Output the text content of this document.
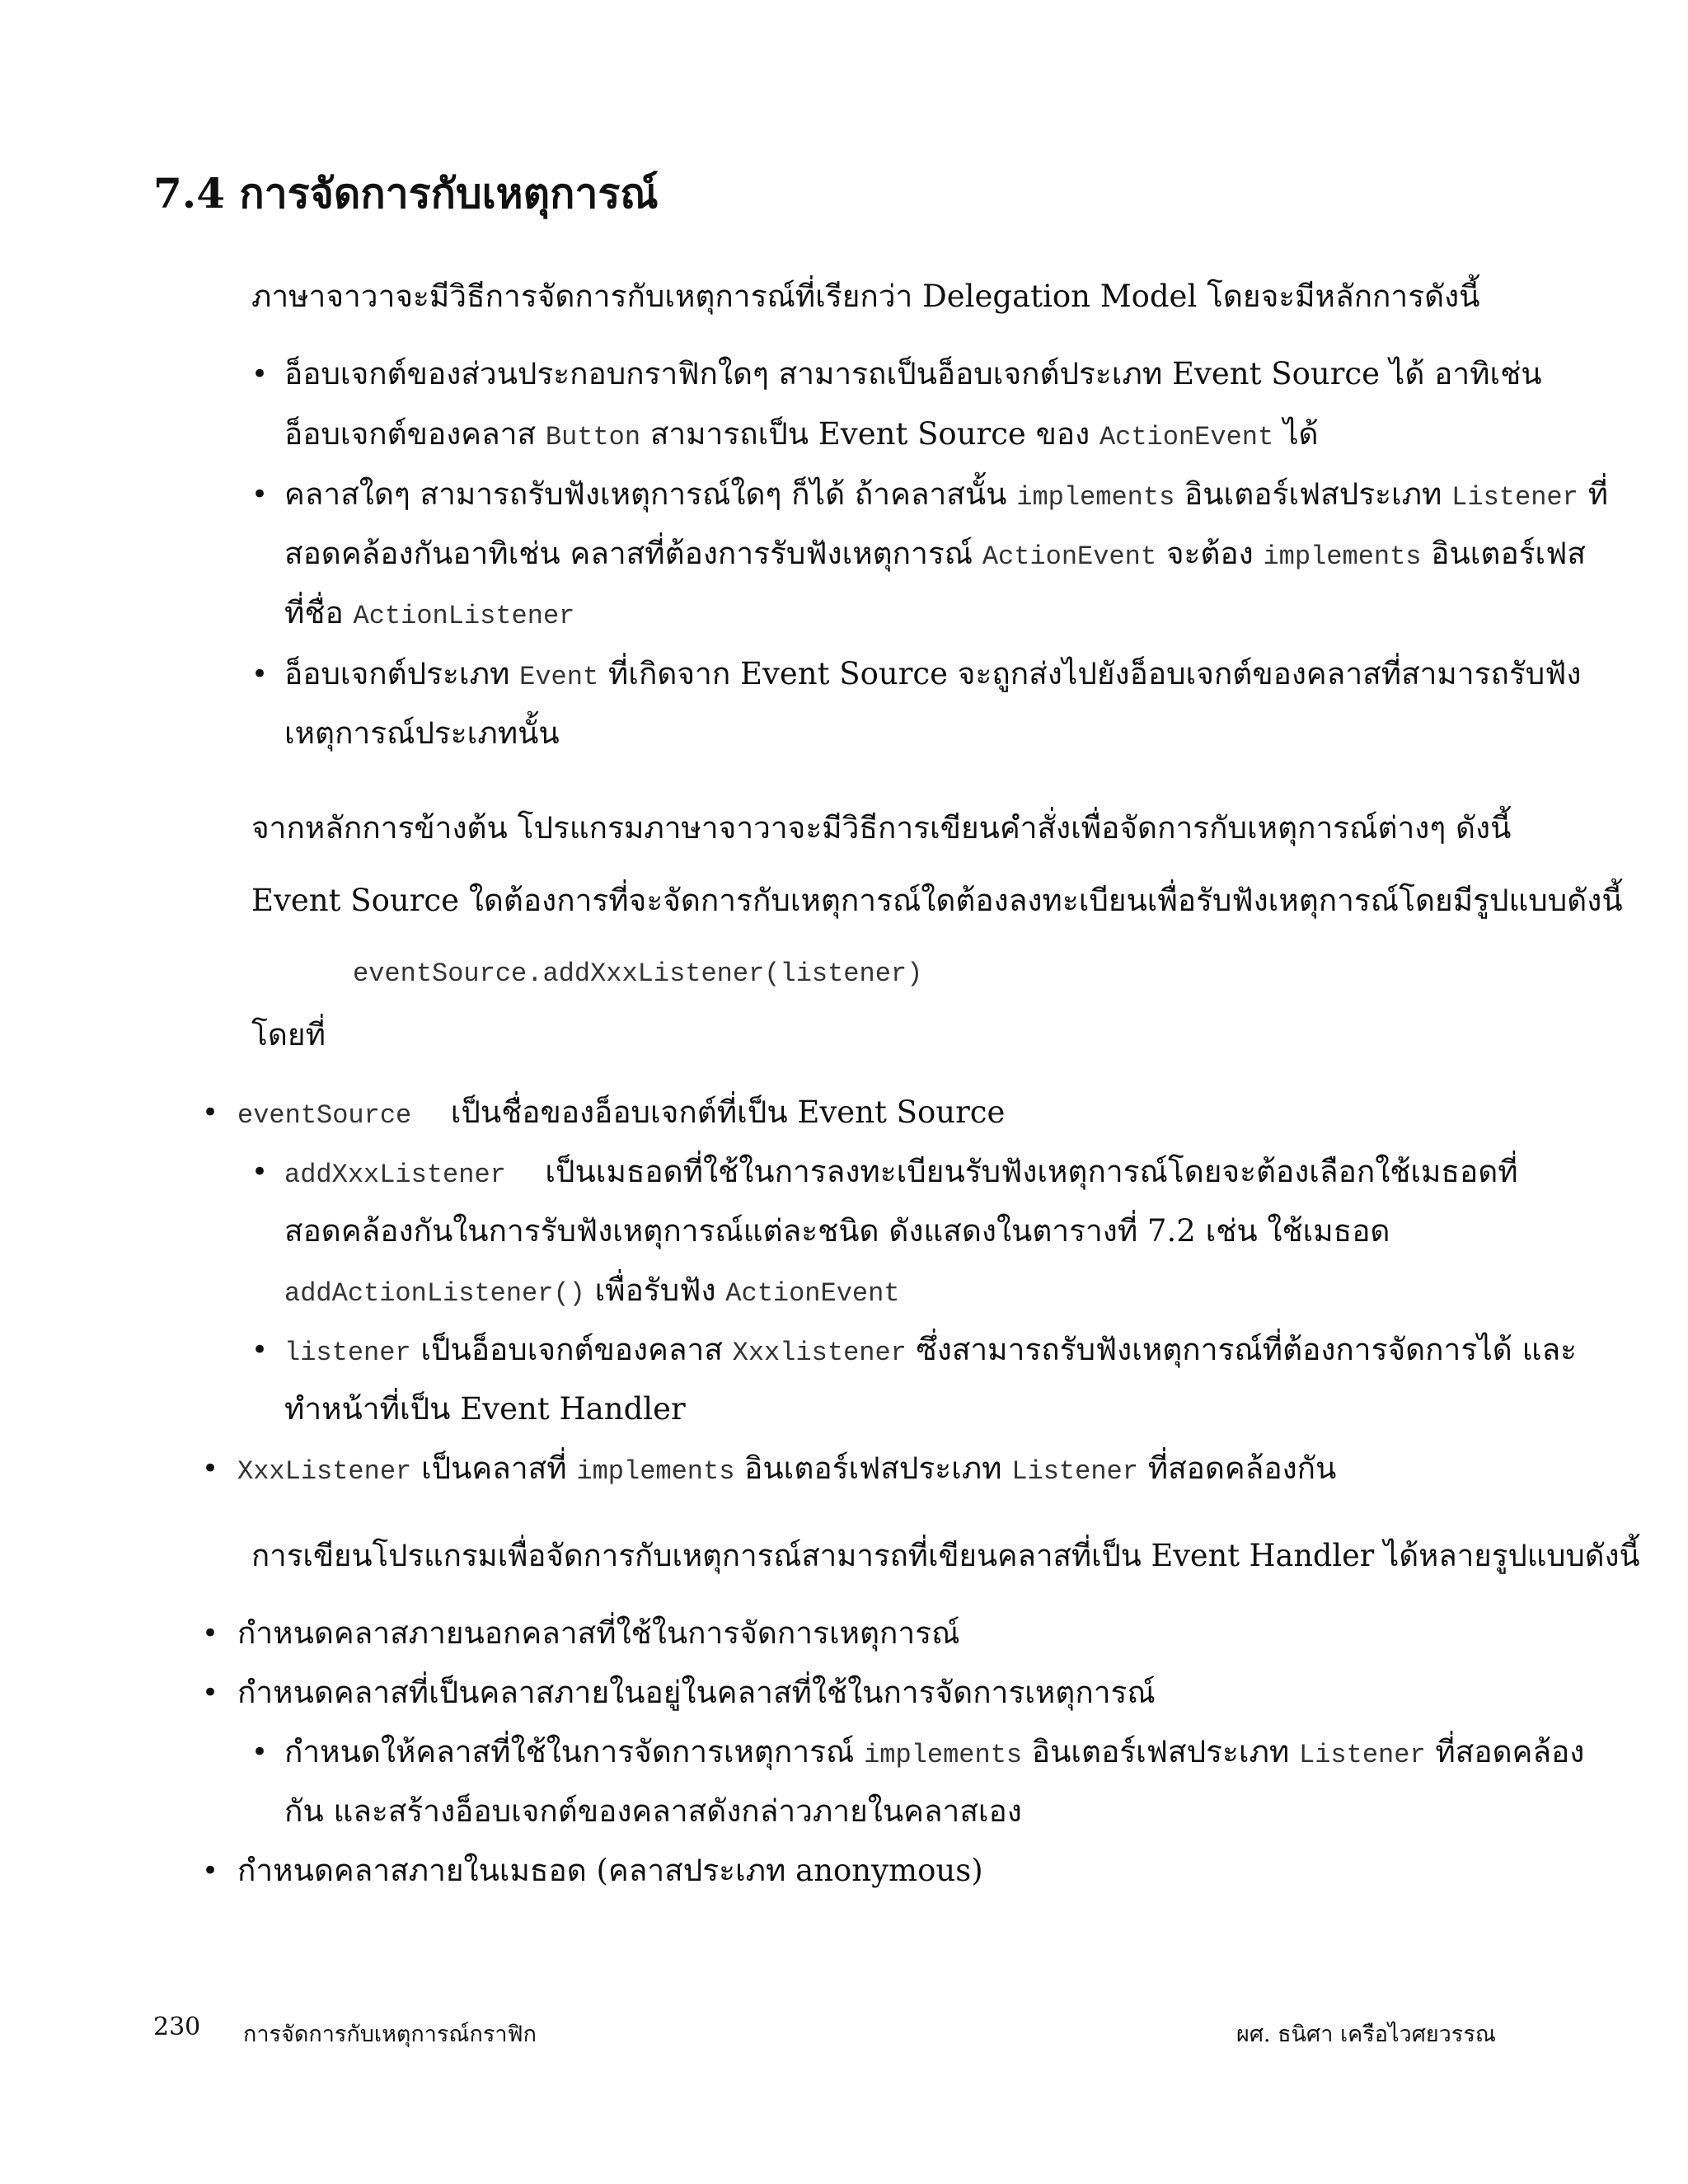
7.4 การจัดการกับเหตุการณ์
ภาษาจาวาจะมีวิธีการจัดการกับเหตุการณ์ที่เรียกว่า Delegation Model โดยจะมีหลักการดังนี้
• อ็อบเจกต์ของส่วนประกอบกราฟิกใดๆ สามารถเป็นอ็อบเจกต์ประเภท Event Source ได้ อาทิเช่น
อ็อบเจกต์ของคลาส Button สามารถเป็น Event Source ของ ActionEvent ได้
• คลาสใดๆ สามารถรับฟังเหตุการณ์ใดๆ ก็ได้ ถ้าคลาสนั้น implements อินเตอร์เฟสประเภท Listener ที่
สอดคล้องกันอาทิเช่น คลาสที่ต้องการรับฟังเหตุการณ์ ActionEvent จะต้อง implements อินเตอร์เฟส
ที่ชื่อ ActionListener
• อ็อบเจกต์ประเภท Event ที่เกิดจาก Event Source จะถูกส่งไปยังอ็อบเจกต์ของคลาสที่สามารถรับฟัง
เหตุการณ์ประเภทนั้น
จากหลักการข้างต้น โปรแกรมภาษาจาวาจะมีวิธีการเขียนคำสั่งเพื่อจัดการกับเหตุการณ์ต่างๆ ดังนี้
Event Source ใดต้องการที่จะจัดการกับเหตุการณ์ใดต้องลงทะเบียนเพื่อรับฟังเหตุการณ์โดยมีรูปแบบดังนี้
eventSource.addXxxListener(listener)
โดยที่
• eventSource เป็นชื่อของอ็อบเจกต์ที่เป็น Event Source
• addXxxListener เป็นเมธอดที่ใช้ในการลงทะเบียนรับฟังเหตุการณ์โดยจะต้องเลือกใช้เมธอดที่
สอดคล้องกันในการรับฟังเหตุการณ์แต่ละชนิด ดังแสดงในตารางที่ 7.2 เช่น ใช้เมธอด
addActionListener() เพื่อรับฟัง ActionEvent
• listener เป็นอ็อบเจกต์ของคลาส Xxxlistener ซึ่งสามารถรับฟังเหตุการณ์ที่ต้องการจัดการได้ และ
ทำหน้าที่เป็น Event Handler
• XxxListener เป็นคลาสที่ implements อินเตอร์เฟสประเภท Listener ที่สอดคล้องกัน
การเขียนโปรแกรมเพื่อจัดการกับเหตุการณ์สามารถที่เขียนคลาสที่เป็น Event Handler ได้หลายรูปแบบดังนี้
• กำหนดคลาสภายนอกคลาสที่ใช้ในการจัดการเหตุการณ์
• กำหนดคลาสที่เป็นคลาสภายในอยู่ในคลาสที่ใช้ในการจัดการเหตุการณ์
• กำหนดให้คลาสที่ใช้ในการจัดการเหตุการณ์ implements อินเตอร์เฟสประเภท Listener ที่สอดคล้อง
กัน และสร้างอ็อบเจกต์ของคลาสดังกล่าวภายในคลาสเอง
• กำหนดคลาสภายในเมธอด (คลาสประเภท anonymous)
230 การจัดการกับเหตุการณ์กราฟิก	ผศ. ธนิศา เครือไวศยวรรณ
